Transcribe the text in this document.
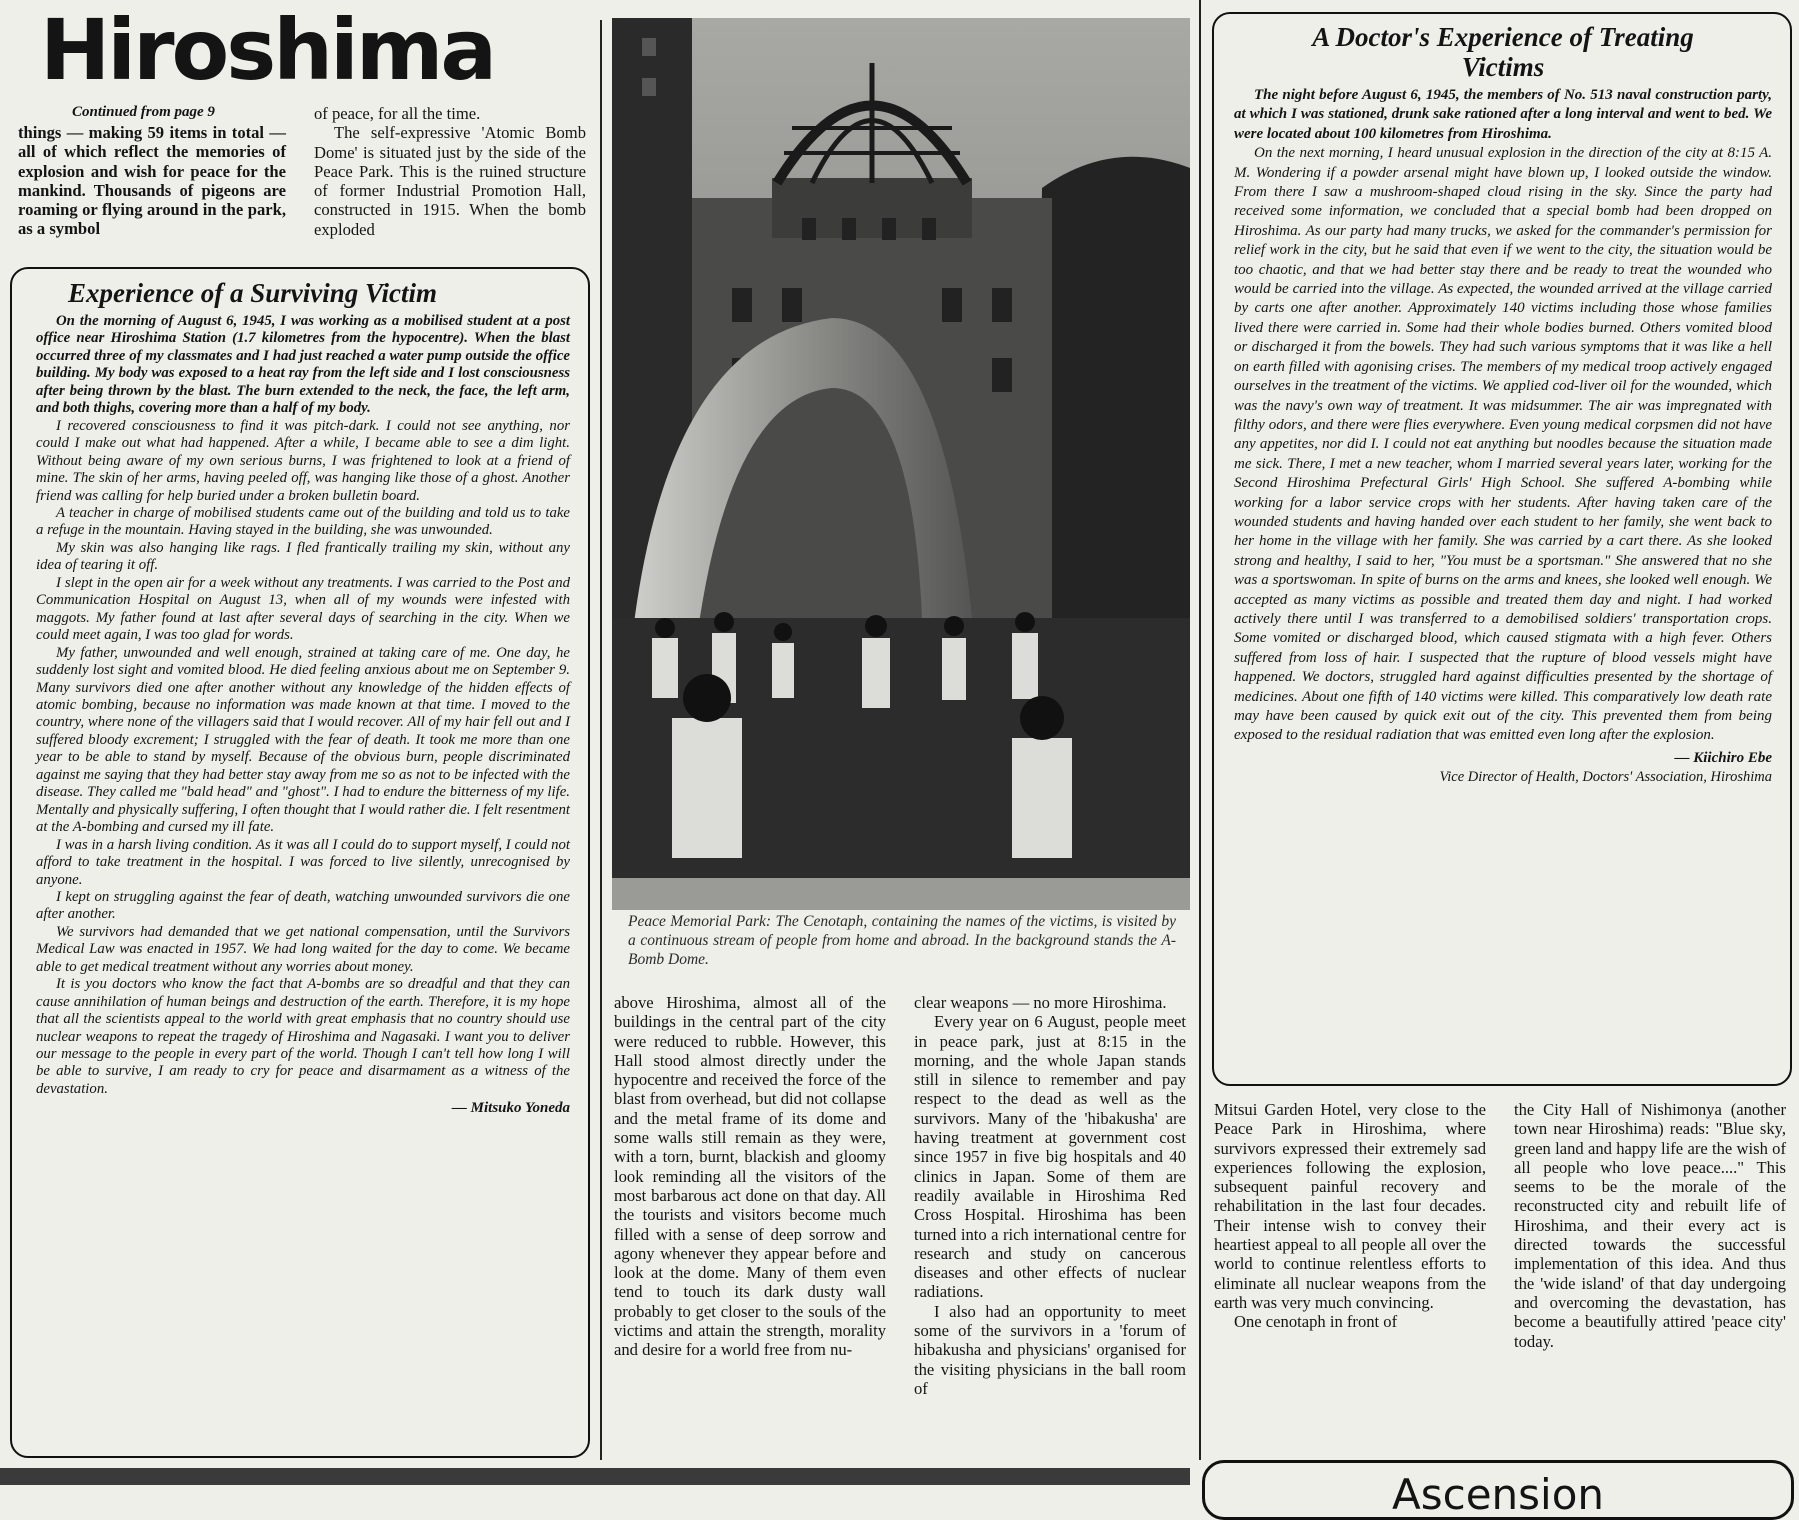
Hiroshima
Continued from page 9

things — making 59 items in total — all of which reflect the memories of explosion and wish for peace for the mankind. Thousands of pigeons are roaming or flying around in the park, as a symbol

of peace, for all the time.

The self-expressive 'Atomic Bomb Dome' is situated just by the side of the Peace Park. This is the ruined structure of former Industrial Promotion Hall, constructed in 1915. When the bomb exploded

Experience of a Surviving Victim

On the morning of August 6, 1945, I was working as a mobilised student at a post office near Hiroshima Station (1.7 kilometres from the hypocentre). When the blast occurred three of my classmates and I had just reached a water pump outside the office building. My body was exposed to a heat ray from the left side and I lost consciousness after being thrown by the blast. The burn extended to the neck, the face, the left arm, and both thighs, covering more than a half of my body.

I recovered consciousness to find it was pitch-dark. I could not see anything, nor could I make out what had happened. After a while, I became able to see a dim light. Without being aware of my own serious burns, I was frightened to look at a friend of mine. The skin of her arms, having peeled off, was hanging like those of a ghost. Another friend was calling for help buried under a broken bulletin board.

A teacher in charge of mobilised students came out of the building and told us to take a refuge in the mountain. Having stayed in the building, she was unwounded.

My skin was also hanging like rags. I fled frantically trailing my skin, without any idea of tearing it off.

I slept in the open air for a week without any treatments. I was carried to the Post and Communication Hospital on August 13, when all of my wounds were infested with maggots. My father found at last after several days of searching in the city. When we could meet again, I was too glad for words.

My father, unwounded and well enough, strained at taking care of me. One day, he suddenly lost sight and vomited blood. He died feeling anxious about me on September 9. Many survivors died one after another without any knowledge of the hidden effects of atomic bombing, because no information was made known at that time. I moved to the country, where none of the villagers said that I would recover. All of my hair fell out and I suffered bloody excrement; I struggled with the fear of death. It took me more than one year to be able to stand by myself. Because of the obvious burn, people discriminated against me saying that they had better stay away from me so as not to be infected with the disease. They called me "bald head" and "ghost". I had to endure the bitterness of my life. Mentally and physically suffering, I often thought that I would rather die. I felt resentment at the A-bombing and cursed my ill fate.

I was in a harsh living condition. As it was all I could do to support myself, I could not afford to take treatment in the hospital. I was forced to live silently, unrecognised by anyone.

I kept on struggling against the fear of death, watching unwounded survivors die one after another.

We survivors had demanded that we get national compensation, until the Survivors Medical Law was enacted in 1957. We had long waited for the day to come. We became able to get medical treatment without any worries about money.

It is you doctors who know the fact that A-bombs are so dreadful and that they can cause annihilation of human beings and destruction of the earth. Therefore, it is my hope that all the scientists appeal to the world with great emphasis that no country should use nuclear weapons to repeat the tragedy of Hiroshima and Nagasaki. I want you to deliver our message to the people in every part of the world. Though I can't tell how long I will be able to survive, I am ready to cry for peace and disarmament as a witness of the devastation.

— Mitsuko Yoneda
Peace Memorial Park: The Cenotaph, containing the names of the victims, is visited by a continuous stream of people from home and abroad. In the background stands the A-Bomb Dome.

above Hiroshima, almost all of the buildings in the central part of the city were reduced to rubble. However, this Hall stood almost directly under the hypocentre and received the force of the blast from overhead, but did not collapse and the metal frame of its dome and some walls still remain as they were, with a torn, burnt, blackish and gloomy look reminding all the visitors of the most barbarous act done on that day. All the tourists and visitors become much filled with a sense of deep sorrow and agony whenever they appear before and look at the dome. Many of them even tend to touch its dark dusty wall probably to get closer to the souls of the victims and attain the strength, morality and desire for a world free from nu-

clear weapons — no more Hiroshima.

Every year on 6 August, people meet in peace park, just at 8:15 in the morning, and the whole Japan stands still in silence to remember and pay respect to the dead as well as the survivors. Many of the 'hibakusha' are having treatment at government cost since 1957 in five big hospitals and 40 clinics in Japan. Some of them are readily available in Hiroshima Red Cross Hospital. Hiroshima has been turned into a rich international centre for research and study on cancerous diseases and other effects of nuclear radiations.

I also had an opportunity to meet some of the survivors in a 'forum of hibakusha and physicians' organised for the visiting physicians in the ball room of

A Doctor's Experience of Treating Victims

The night before August 6, 1945, the members of No. 513 naval construction party, at which I was stationed, drunk sake rationed after a long interval and went to bed. We were located about 100 kilometres from Hiroshima.

On the next morning, I heard unusual explosion in the direction of the city at 8:15 A. M. Wondering if a powder arsenal might have blown up, I looked outside the window. From there I saw a mushroom-shaped cloud rising in the sky. Since the party had received some information, we concluded that a special bomb had been dropped on Hiroshima. As our party had many trucks, we asked for the commander's permission for relief work in the city, but he said that even if we went to the city, the situation would be too chaotic, and that we had better stay there and be ready to treat the wounded who would be carried into the village. As expected, the wounded arrived at the village carried by carts one after another. Approximately 140 victims including those whose families lived there were carried in. Some had their whole bodies burned. Others vomited blood or discharged it from the bowels. They had such various symptoms that it was like a hell on earth filled with agonising crises. The members of my medical troop actively engaged ourselves in the treatment of the victims. We applied cod-liver oil for the wounded, which was the navy's own way of treatment. It was midsummer. The air was impregnated with filthy odors, and there were flies everywhere. Even young medical corpsmen did not have any appetites, nor did I. I could not eat anything but noodles because the situation made me sick. There, I met a new teacher, whom I married several years later, working for the Second Hiroshima Prefectural Girls' High School. She suffered A-bombing while working for a labor service crops with her students. After having taken care of the wounded students and having handed over each student to her family, she went back to her home in the village with her family. She was carried by a cart there. As she looked strong and healthy, I said to her, "You must be a sportsman." She answered that no she was a sportswoman. In spite of burns on the arms and knees, she looked well enough. We accepted as many victims as possible and treated them day and night. I had worked actively there until I was transferred to a demobilised soldiers' transportation crops. Some vomited or discharged blood, which caused stigmata with a high fever. Others suffered from loss of hair. I suspected that the rupture of blood vessels might have happened. We doctors, struggled hard against difficulties presented by the shortage of medicines. About one fifth of 140 victims were killed. This comparatively low death rate may have been caused by quick exit out of the city. This prevented them from being exposed to the residual radiation that was emitted even long after the explosion.

— Kiichiro Ebe
Vice Director of Health, Doctors' Association, Hiroshima

Mitsui Garden Hotel, very close to the Peace Park in Hiroshima, where survivors expressed their extremely sad experiences following the explosion, subsequent painful recovery and rehabilitation in the last four decades. Their intense wish to convey their heartiest appeal to all people all over the world to continue relentless efforts to eliminate all nuclear weapons from the earth was very much convincing.

One cenotaph in front of

the City Hall of Nishimonya (another town near Hiroshima) reads: "Blue sky, green land and happy life are the wish of all people who love peace...." This seems to be the morale of the reconstructed city and rebuilt life of Hiroshima, and their every act is directed towards the successful implementation of this idea. And thus the 'wide island' of that day undergoing and overcoming the devastation, has become a beautifully attired 'peace city' today.

Ascension
